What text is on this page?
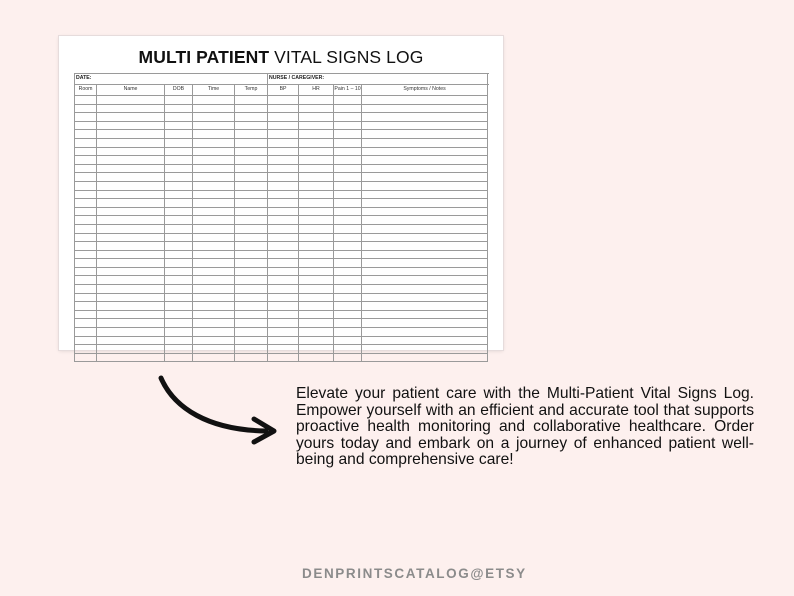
MULTI PATIENT VITAL SIGNS LOG
DATE:					NURSE / CAREGIVER:	
Room	Name	DOB	Time	Temp	BP	HR	Pain 1 – 10	Symptoms / Notes	

Elevate your patient care with the Multi-Patient Vital Signs Log. Empower yourself with an efficient and accurate tool that supports proactive health monitoring and collaborative healthcare. Order yours today and embark on a journey of enhanced patient well-being and comprehensive care!
DENPRINTSCATALOG@ETSY
